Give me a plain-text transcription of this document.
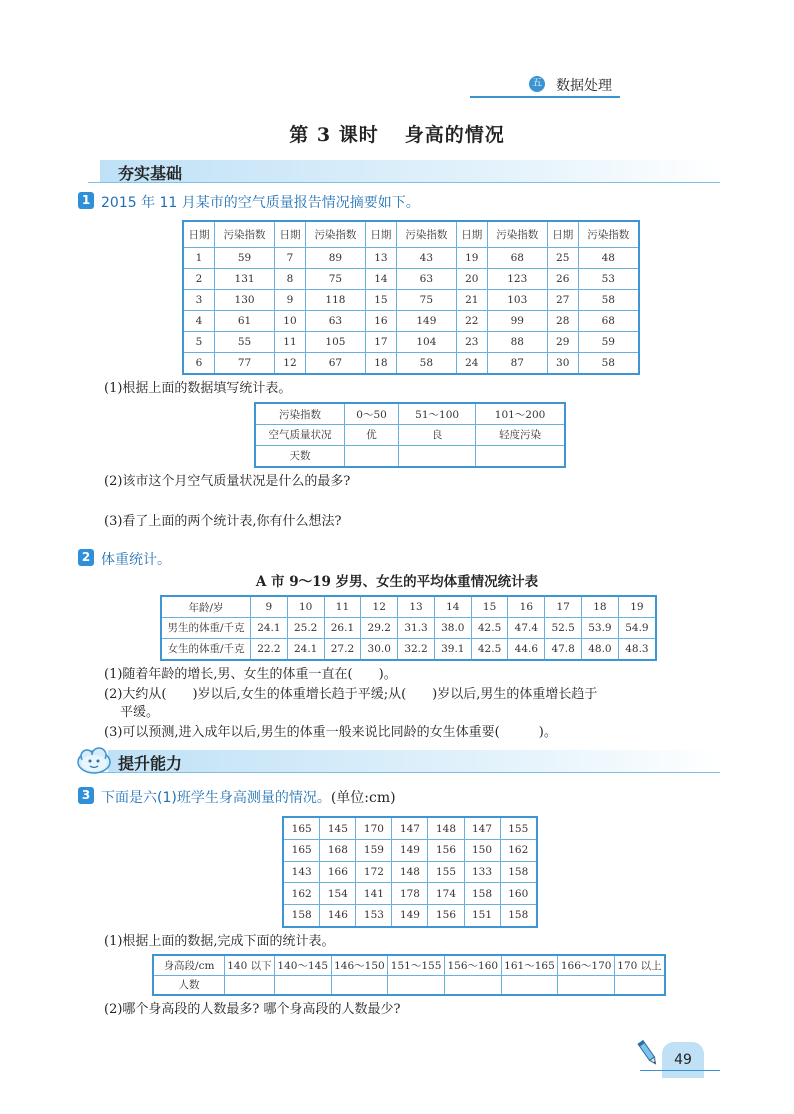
五 数据处理
第 3 课时 身高的情况
夯实基础
1 2015 年 11 月某市的空气质量报告情况摘要如下。
日期	污染指数	日期	污染指数	日期	污染指数	日期	污染指数	日期	污染指数
1	59	7	89	13	43	19	68	25	48
2	131	8	75	14	63	20	123	26	53
3	130	9	118	15	75	21	103	27	58
4	61	10	63	16	149	22	99	28	68
5	55	11	105	17	104	23	88	29	59
6	77	12	67	18	58	24	87	30	58
(1)根据上面的数据填写统计表。
污染指数	0～50	51～100	101～200
空气质量状况	优	良	轻度污染
天数			
(2)该市这个月空气质量状况是什么的最多?
(3)看了上面的两个统计表,你有什么想法?
2 体重统计。
A 市 9～19 岁男、女生的平均体重情况统计表
年龄/岁	9	10	11	12	13	14	15	16	17	18	19
男生的体重/千克	24.1	25.2	26.1	29.2	31.3	38.0	42.5	47.4	52.5	53.9	54.9
女生的体重/千克	22.2	24.1	27.2	30.0	32.2	39.1	42.5	44.6	47.8	48.0	48.3
(1)随着年龄的增长,男、女生的体重一直在(　　)。
(2)大约从(　　)岁以后,女生的体重增长趋于平缓;从(　　)岁以后,男生的体重增长趋于
平缓。
(3)可以预测,进入成年以后,男生的体重一般来说比同龄的女生体重要(　　　)。
提升能力
3 下面是六(1)班学生身高测量的情况。(单位:cm)
165	145	170	147	148	147	155
165	168	159	149	156	150	162
143	166	172	148	155	133	158
162	154	141	178	174	158	160
158	146	153	149	156	151	158
(1)根据上面的数据,完成下面的统计表。
身高段/cm	140 以下	140～145	146～150	151～155	156～160	161～165	166～170	170 以上
人数								
(2)哪个身高段的人数最多? 哪个身高段的人数最少?
49
